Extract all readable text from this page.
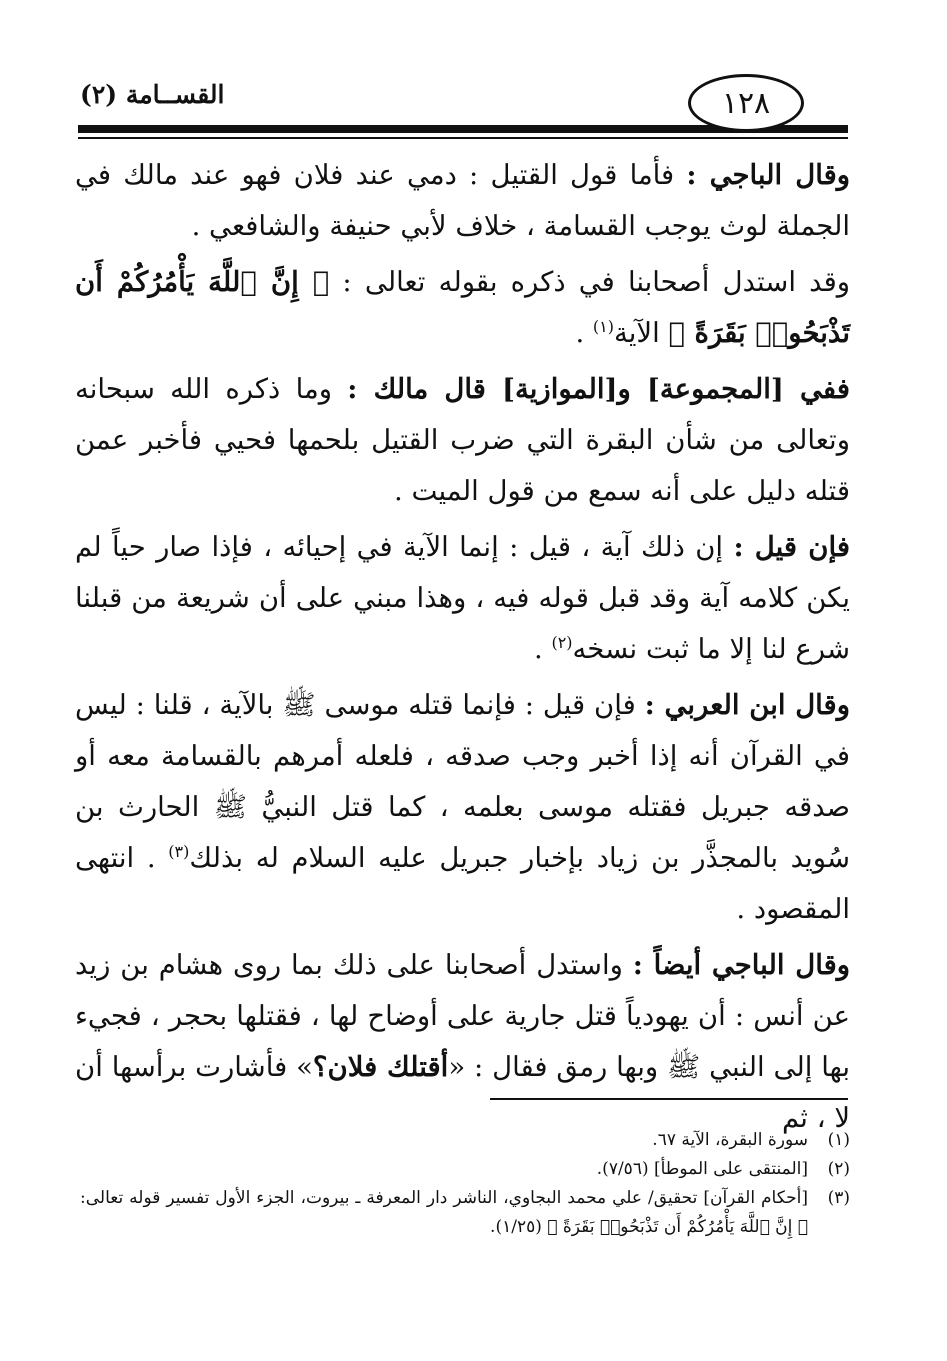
١٢٨
(٢) القســامة

وقال الباجي : فأما قول القتيل : دمي عند فلان فهو عند مالك في الجملة لوث يوجب القسامة ، خلاف لأبي حنيفة والشافعي .

وقد استدل أصحابنا في ذكره بقوله تعالى : ﴿ إِنَّ ٱللَّهَ يَأْمُرُكُمْ أَن تَذْبَحُوا۟ بَقَرَةً ﴾ الآية$^{(١)}$ .

ففي [المجموعة] و[الموازية] قال مالك : وما ذكره الله سبحانه وتعالى من شأن البقرة التي ضرب القتيل بلحمها فحيي فأخبر عمن قتله دليل على أنه سمع من قول الميت .

فإن قيل : إن ذلك آية ، قيل : إنما الآية في إحيائه ، فإذا صار حياً لم يكن كلامه آية وقد قبل قوله فيه ، وهذا مبني على أن شريعة من قبلنا شرع لنا إلا ما ثبت نسخه$^{(٢)}$ .

وقال ابن العربي : فإن قيل : فإنما قتله موسى ﷺ بالآية ، قلنا : ليس في القرآن أنه إذا أخبر وجب صدقه ، فلعله أمرهم بالقسامة معه أو صدقه جبريل فقتله موسى بعلمه ، كما قتل النبيُّ ﷺ الحارث بن سُويد بالمجذَّر بن زياد بإخبار جبريل عليه السلام له بذلك$^{(٣)}$ . انتهى المقصود .

وقال الباجي أيضاً : واستدل أصحابنا على ذلك بما روى هشام بن زيد عن أنس : أن يهودياً قتل جارية على أوضاح لها ، فقتلها بحجر ، فجيء بها إلى النبي ﷺ وبها رمق فقال : «أقتلك فلان؟» فأشارت برأسها أن لا ، ثم

(١)
سورة البقرة، الآية ٦٧.
(٢)
[المنتقى على الموطأ] (٧/٥٦).
(٣)
[أحكام القرآن] تحقيق/ علي محمد البجاوي، الناشر دار المعرفة ـ بيروت، الجزء الأول تفسير قوله تعالى: ﴿ إِنَّ ٱللَّهَ يَأْمُرُكُمْ أَن تَذْبَحُوا۟ بَقَرَةً ﴾ (١/٢٥).
